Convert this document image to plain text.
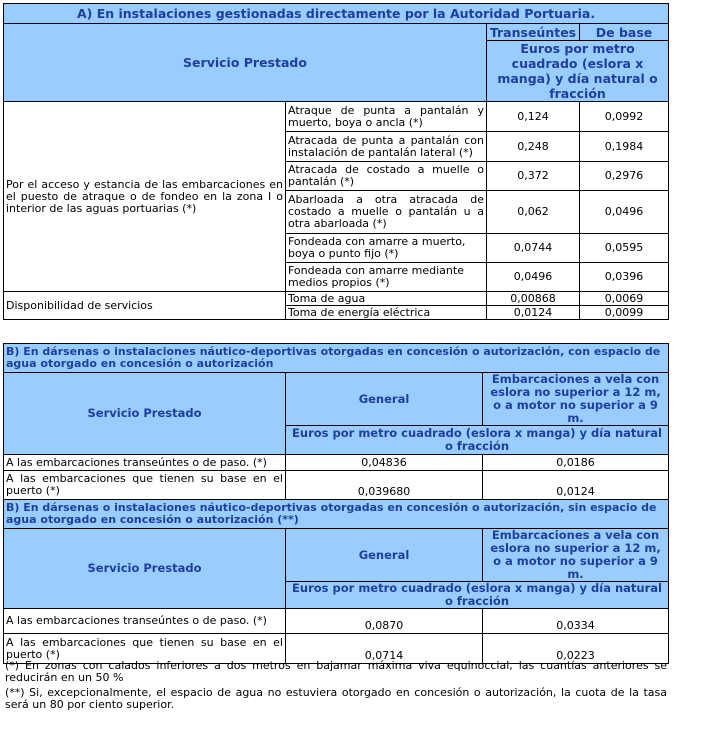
A) En instalaciones gestionadas directamente por la Autoridad Portuaria.			
Servicio Prestado		Transeúntes	De base
		Euros por metro cuadrado (eslora x manga) y día natural o fracción	
Por el acceso y estancia de las embarcaciones en el puesto de atraque o de fondeo en la zona I o interior de las aguas portuarias (*)	Atraque de punta a pantalán y muerto, boya o ancla (*)	0,124	0,0992
	Atracada de punta a pantalán con instalación de pantalán lateral (*)	0,248	0,1984
	Atracada de costado a muelle o pantalán (*)	0,372	0,2976
	Abarloada a otra atracada de costado a muelle o pantalán u a otra abarloada (*)	0,062	0,0496
	Fondeada con amarre a muerto, boya o punto fijo (*)	0,0744	0,0595
	Fondeada con amarre mediante medios propios (*)	0,0496	0,0396
Disponibilidad de servicios	Toma de agua	0,00868	0,0069
	Toma de energía eléctrica	0,0124	0,0099
B) En dársenas o instalaciones náutico-deportivas otorgadas en concesión o autorización, con espacio de agua otorgado en concesión o autorización		
Servicio Prestado	General	Embarcaciones a vela con eslora no superior a 12 m, o a motor no superior a 9 m.
	Euros por metro cuadrado (eslora x manga) y día natural o fracción	
A las embarcaciones transeúntes o de paso. (*)	0,04836	0,0186
A las embarcaciones que tienen su base en el puerto (*)	0,039680	0,0124
B) En dársenas o instalaciones náutico-deportivas otorgadas en concesión o autorización, sin espacio de agua otorgado en concesión o autorización (**)		
Servicio Prestado	General	Embarcaciones a vela con eslora no superior a 12 m, o a motor no superior a 9 m.
	Euros por metro cuadrado (eslora x manga) y día natural o fracción	
A las embarcaciones transeúntes o de paso. (*)	0,0870	0,0334
A las embarcaciones que tienen su base en el puerto (*)	0,0714	0,0223
(*) En zonas con calados inferiores a dos metros en bajamar máxima viva equinoccial, las cuantías anteriores se reducirán en un 50 %
(**) Si, excepcionalmente, el espacio de agua no estuviera otorgado en concesión o autorización, la cuota de la tasa será un 80 por ciento superior.
